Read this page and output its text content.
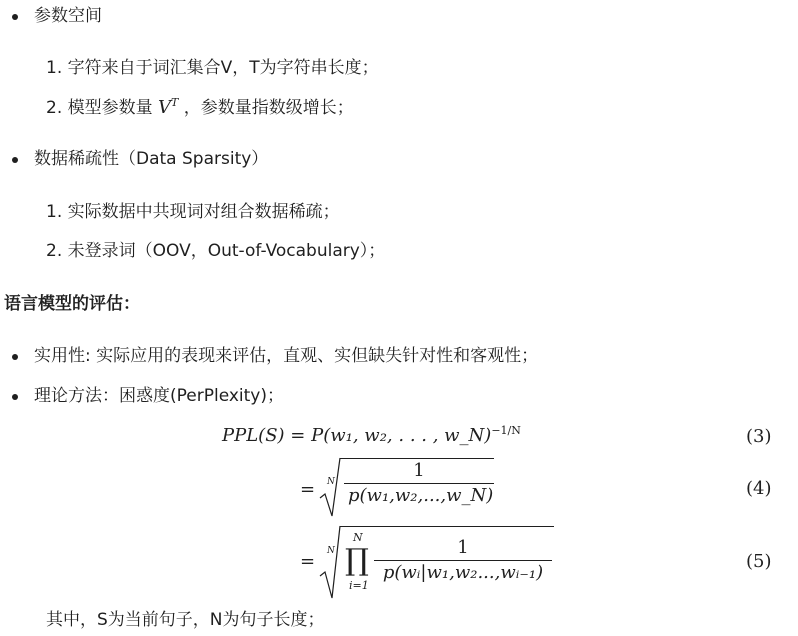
参数空间
1. 字符来自于词汇集合V，T为字符串长度；
2. 模型参数量 $V^T$ ，参数量指数级增长；
数据稀疏性（Data Sparsity）
1. 实际数据中共现词对组合数据稀疏；
2. 未登录词（OOV，Out-of-Vocabulary）；
语言模型的评估：
实用性: 实际应用的表现来评估，直观、实但缺失针对性和客观性；
理论方法：困惑度(PerPlexity)；
PPL(S) = P(w₁, w₂, . . . , w_N)$^{-1/N}$	(3)
= N $\frac{1}{\text{p(w₁,w₂,...,w\_N)}}$	(4)
= N
N
∏
i=1
$\frac{1}{\text{p(wᵢ|w₁,w₂...,wᵢ₋₁)}}$	(5)
其中，S为当前句子，N为句子长度；
